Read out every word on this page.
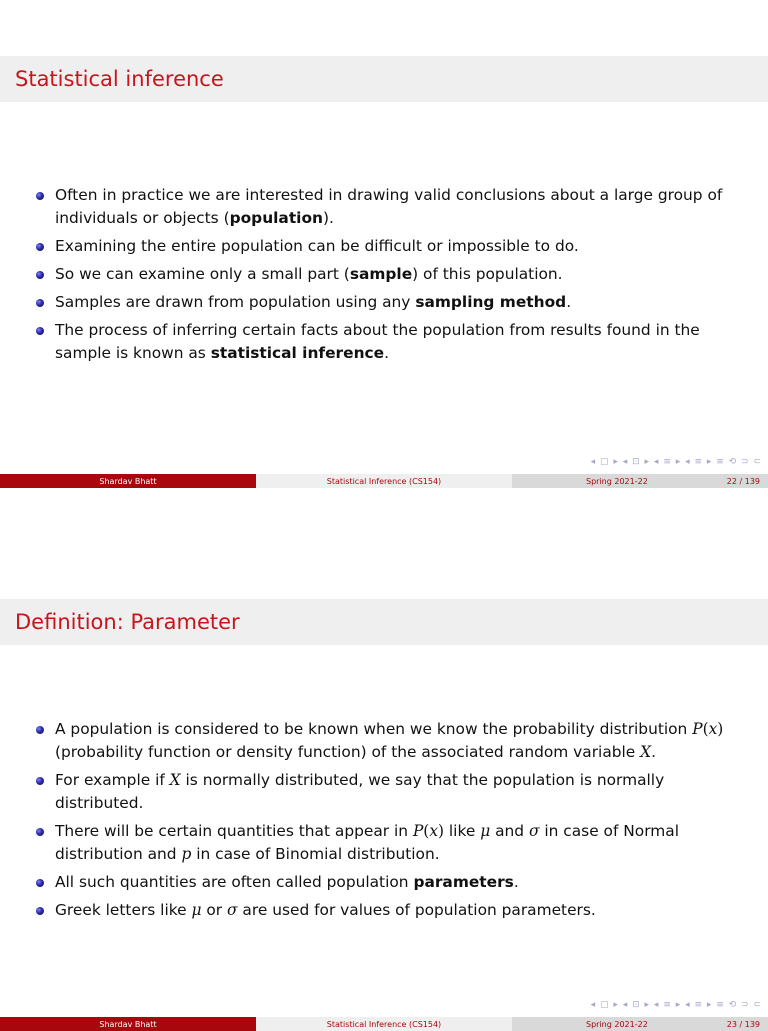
Statistical inference
Often in practice we are interested in drawing valid conclusions about a large group of individuals or objects (population).
Examining the entire population can be difficult or impossible to do.
So we can examine only a small part (sample) of this population.
Samples are drawn from population using any sampling method.
The process of inferring certain facts about the population from results found in the sample is known as statistical inference.
◂ ▢ ▸ ◂ ⊡ ▸ ◂ ≡ ▸ ◂ ≡ ▸ ≡ ⟲ ⊃ ⊂
Shardav Bhatt	Statistical Inference (CS154)	Spring 2021-22	22 / 139
Definition: Parameter
A population is considered to be known when we know the probability distribution P(x) (probability function or density function) of the associated random variable X.
For example if X is normally distributed, we say that the population is normally distributed.
There will be certain quantities that appear in P(x) like μ and σ in case of Normal distribution and p in case of Binomial distribution.
All such quantities are often called population parameters.
Greek letters like μ or σ are used for values of population parameters.
◂ ▢ ▸ ◂ ⊡ ▸ ◂ ≡ ▸ ◂ ≡ ▸ ≡ ⟲ ⊃ ⊂
Shardav Bhatt	Statistical Inference (CS154)	Spring 2021-22	23 / 139
